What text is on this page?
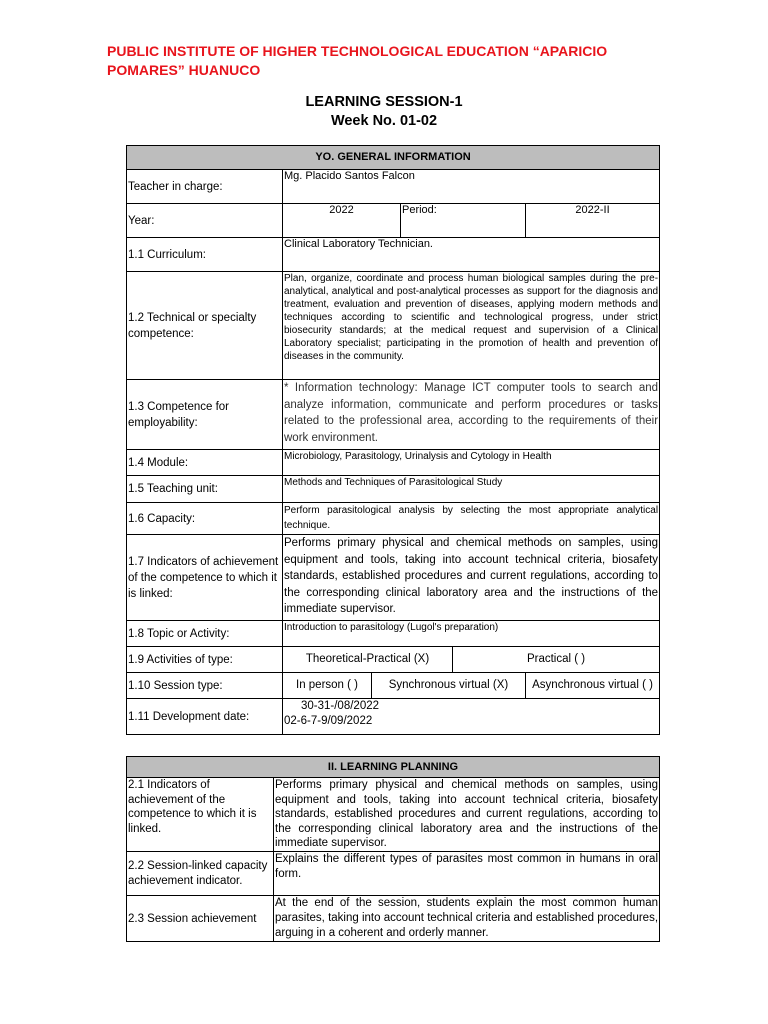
PUBLIC INSTITUTE OF HIGHER TECHNOLOGICAL EDUCATION “APARICIO POMARES” HUANUCO
LEARNING SESSION-1
Week No. 01-02
YO. GENERAL INFORMATION					
Teacher in charge:	Mg. Placido Santos Falcon				
Year:	2022		Period:		2022-II
1.1 Curriculum:	Clinical Laboratory Technician.				
1.2 Technical or specialty competence:	Plan, organize, coordinate and process human biological samples during the pre-analytical, analytical and post-analytical processes as support for the diagnosis and treatment, evaluation and prevention of diseases, applying modern methods and techniques according to scientific and technological progress, under strict biosecurity standards; at the medical request and supervision of a Clinical Laboratory specialist; participating in the promotion of health and prevention of diseases in the community.				
1.3 Competence for employability:	* Information technology: Manage ICT computer tools to search and analyze information, communicate and perform procedures or tasks related to the professional area, according to the requirements of their work environment.				
1.4 Module:	Microbiology, Parasitology, Urinalysis and Cytology in Health				
1.5 Teaching unit:	Methods and Techniques of Parasitological Study				
1.6 Capacity:	Perform parasitological analysis by selecting the most appropriate analytical technique.				
1.7 Indicators of achievement of the competence to which it is linked:	Performs primary physical and chemical methods on samples, using equipment and tools, taking into account technical criteria, biosafety standards, established procedures and current regulations, according to the corresponding clinical laboratory area and the instructions of the immediate supervisor.				
1.8 Topic or Activity:	Introduction to parasitology (Lugol's preparation)				
1.9 Activities of type:	Theoretical-Practical (X)			Practical ( )	
1.10 Session type:	In person ( )	Synchronous virtual (X)			Asynchronous virtual ( )
1.11 Development date:	30-31-/08/2022
02-6-7-9/09/2022				
II. LEARNING PLANNING	
2.1 Indicators of achievement of the competence to which it is linked.	Performs primary physical and chemical methods on samples, using equipment and tools, taking into account technical criteria, biosafety standards, established procedures and current regulations, according to the corresponding clinical laboratory area and the instructions of the immediate supervisor.
2.2 Session-linked capacity achievement indicator.	Explains the different types of parasites most common in humans in oral form.
2.3 Session achievement	At the end of the session, students explain the most common human parasites, taking into account technical criteria and established procedures, arguing in a coherent and orderly manner.
